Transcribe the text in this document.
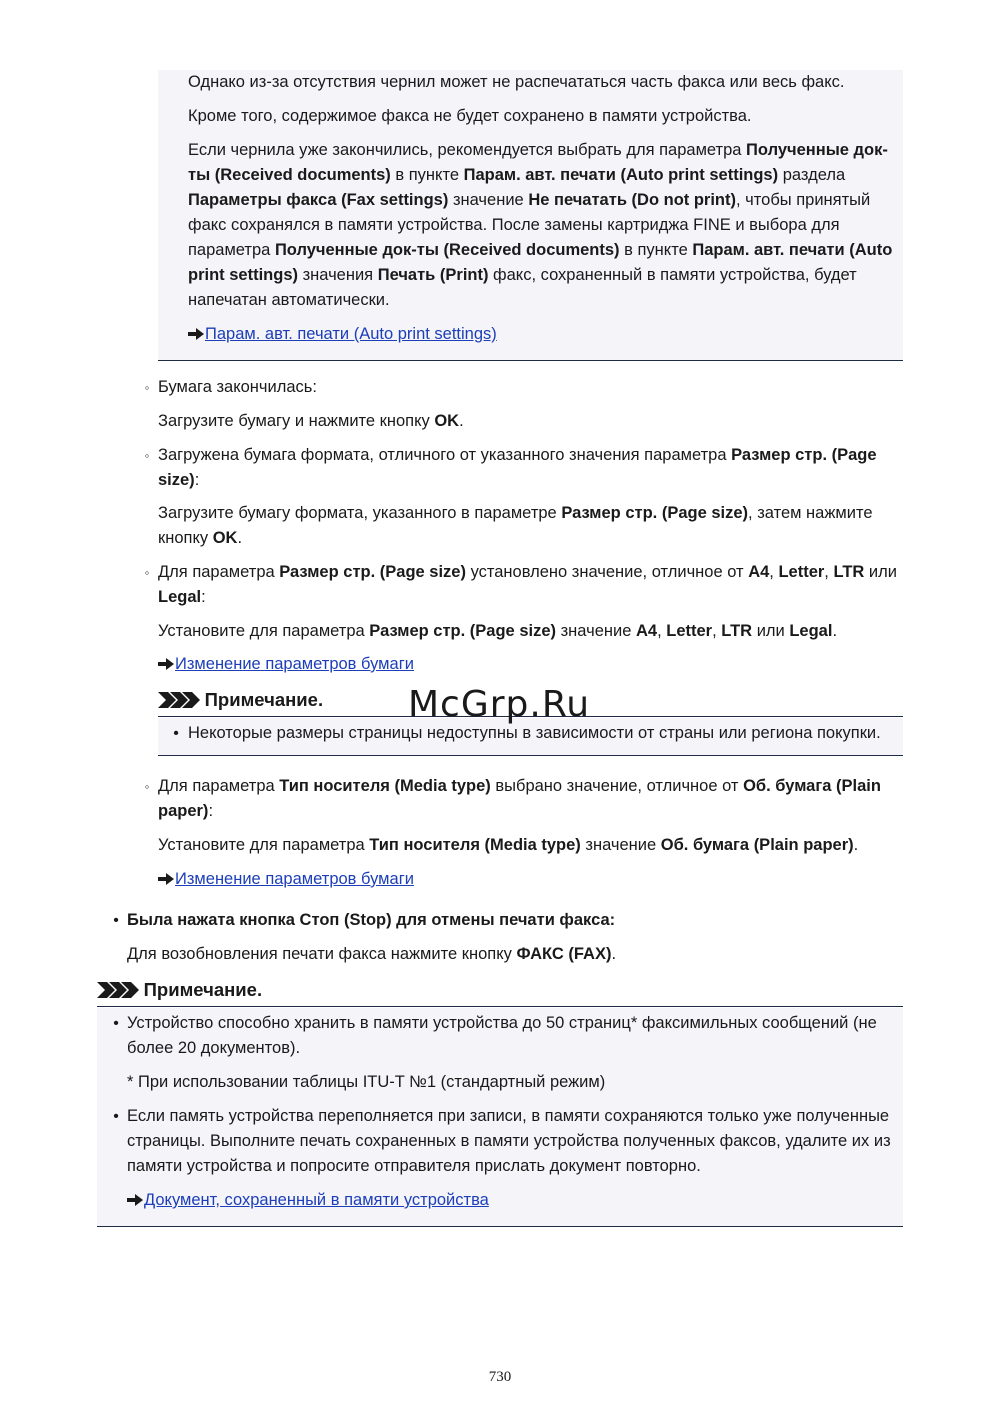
Однако из-за отсутствия чернил может не распечататься часть факса или весь факс.

Кроме того, содержимое факса не будет сохранено в памяти устройства.

Если чернила уже закончились, рекомендуется выбрать для параметра Полученные док-ты (Received documents) в пункте Парам. авт. печати (Auto print settings) раздела Параметры факса (Fax settings) значение Не печатать (Do not print), чтобы принятый факс сохранялся в памяти устройства. После замены картриджа FINE и выбора для параметра Полученные док-ты (Received documents) в пункте Парам. авт. печати (Auto print settings) значения Печать (Print) факс, сохраненный в памяти устройства, будет напечатан автоматически.

Парам. авт. печати (Auto print settings)

◦ Бумага закончилась:

Загрузите бумагу и нажмите кнопку OK.

◦ Загружена бумага формата, отличного от указанного значения параметра Размер стр. (Page size):

Загрузите бумагу формата, указанного в параметре Размер стр. (Page size), затем нажмите кнопку OK.

◦ Для параметра Размер стр. (Page size) установлено значение, отличное от A4, Letter, LTR или Legal:

Установите для параметра Размер стр. (Page size) значение A4, Letter, LTR или Legal.

Изменение параметров бумаги

Примечание.
• Некоторые размеры страницы недоступны в зависимости от страны или региона покупки.

◦ Для параметра Тип носителя (Media type) выбрано значение, отличное от Об. бумага (Plain paper):

Установите для параметра Тип носителя (Media type) значение Об. бумага (Plain paper).

Изменение параметров бумаги

• Была нажата кнопка Стоп (Stop) для отмены печати факса:

Для возобновления печати факса нажмите кнопку ФАКС (FAX).

Примечание.
• Устройство способно хранить в памяти устройства до 50 страниц* факсимильных сообщений (не более 20 документов).

* При использовании таблицы ITU-T №1 (стандартный режим)

• Если память устройства переполняется при записи, в памяти сохраняются только уже полученные страницы. Выполните печать сохраненных в памяти устройства полученных факсов, удалите их из памяти устройства и попросите отправителя прислать документ повторно.

Документ, сохраненный в памяти устройства

McGrp.Ru
730
